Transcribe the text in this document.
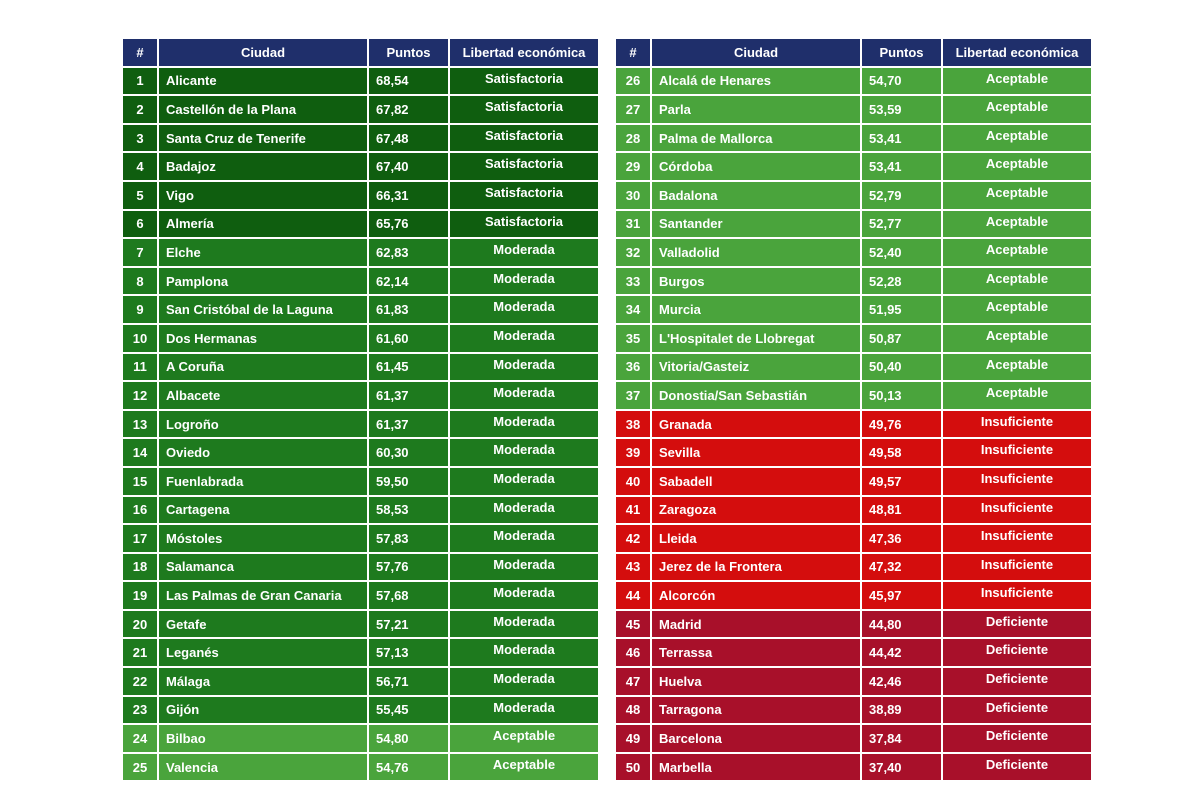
#	Ciudad	Puntos	Libertad económica
1	Alicante	68,54	Satisfactoria
2	Castellón de la Plana	67,82	Satisfactoria
3	Santa Cruz de Tenerife	67,48	Satisfactoria
4	Badajoz	67,40	Satisfactoria
5	Vigo	66,31	Satisfactoria
6	Almería	65,76	Satisfactoria
7	Elche	62,83	Moderada
8	Pamplona	62,14	Moderada
9	San Cristóbal de la Laguna	61,83	Moderada
10	Dos Hermanas	61,60	Moderada
11	A Coruña	61,45	Moderada
12	Albacete	61,37	Moderada
13	Logroño	61,37	Moderada
14	Oviedo	60,30	Moderada
15	Fuenlabrada	59,50	Moderada
16	Cartagena	58,53	Moderada
17	Móstoles	57,83	Moderada
18	Salamanca	57,76	Moderada
19	Las Palmas de Gran Canaria	57,68	Moderada
20	Getafe	57,21	Moderada
21	Leganés	57,13	Moderada
22	Málaga	56,71	Moderada
23	Gijón	55,45	Moderada
24	Bilbao	54,80	Aceptable
25	Valencia	54,76	Aceptable
#	Ciudad	Puntos	Libertad económica
26	Alcalá de Henares	54,70	Aceptable
27	Parla	53,59	Aceptable
28	Palma de Mallorca	53,41	Aceptable
29	Córdoba	53,41	Aceptable
30	Badalona	52,79	Aceptable
31	Santander	52,77	Aceptable
32	Valladolid	52,40	Aceptable
33	Burgos	52,28	Aceptable
34	Murcia	51,95	Aceptable
35	L'Hospitalet de Llobregat	50,87	Aceptable
36	Vitoria/Gasteiz	50,40	Aceptable
37	Donostia/San Sebastián	50,13	Aceptable
38	Granada	49,76	Insuficiente
39	Sevilla	49,58	Insuficiente
40	Sabadell	49,57	Insuficiente
41	Zaragoza	48,81	Insuficiente
42	Lleida	47,36	Insuficiente
43	Jerez de la Frontera	47,32	Insuficiente
44	Alcorcón	45,97	Insuficiente
45	Madrid	44,80	Deficiente
46	Terrassa	44,42	Deficiente
47	Huelva	42,46	Deficiente
48	Tarragona	38,89	Deficiente
49	Barcelona	37,84	Deficiente
50	Marbella	37,40	Deficiente
